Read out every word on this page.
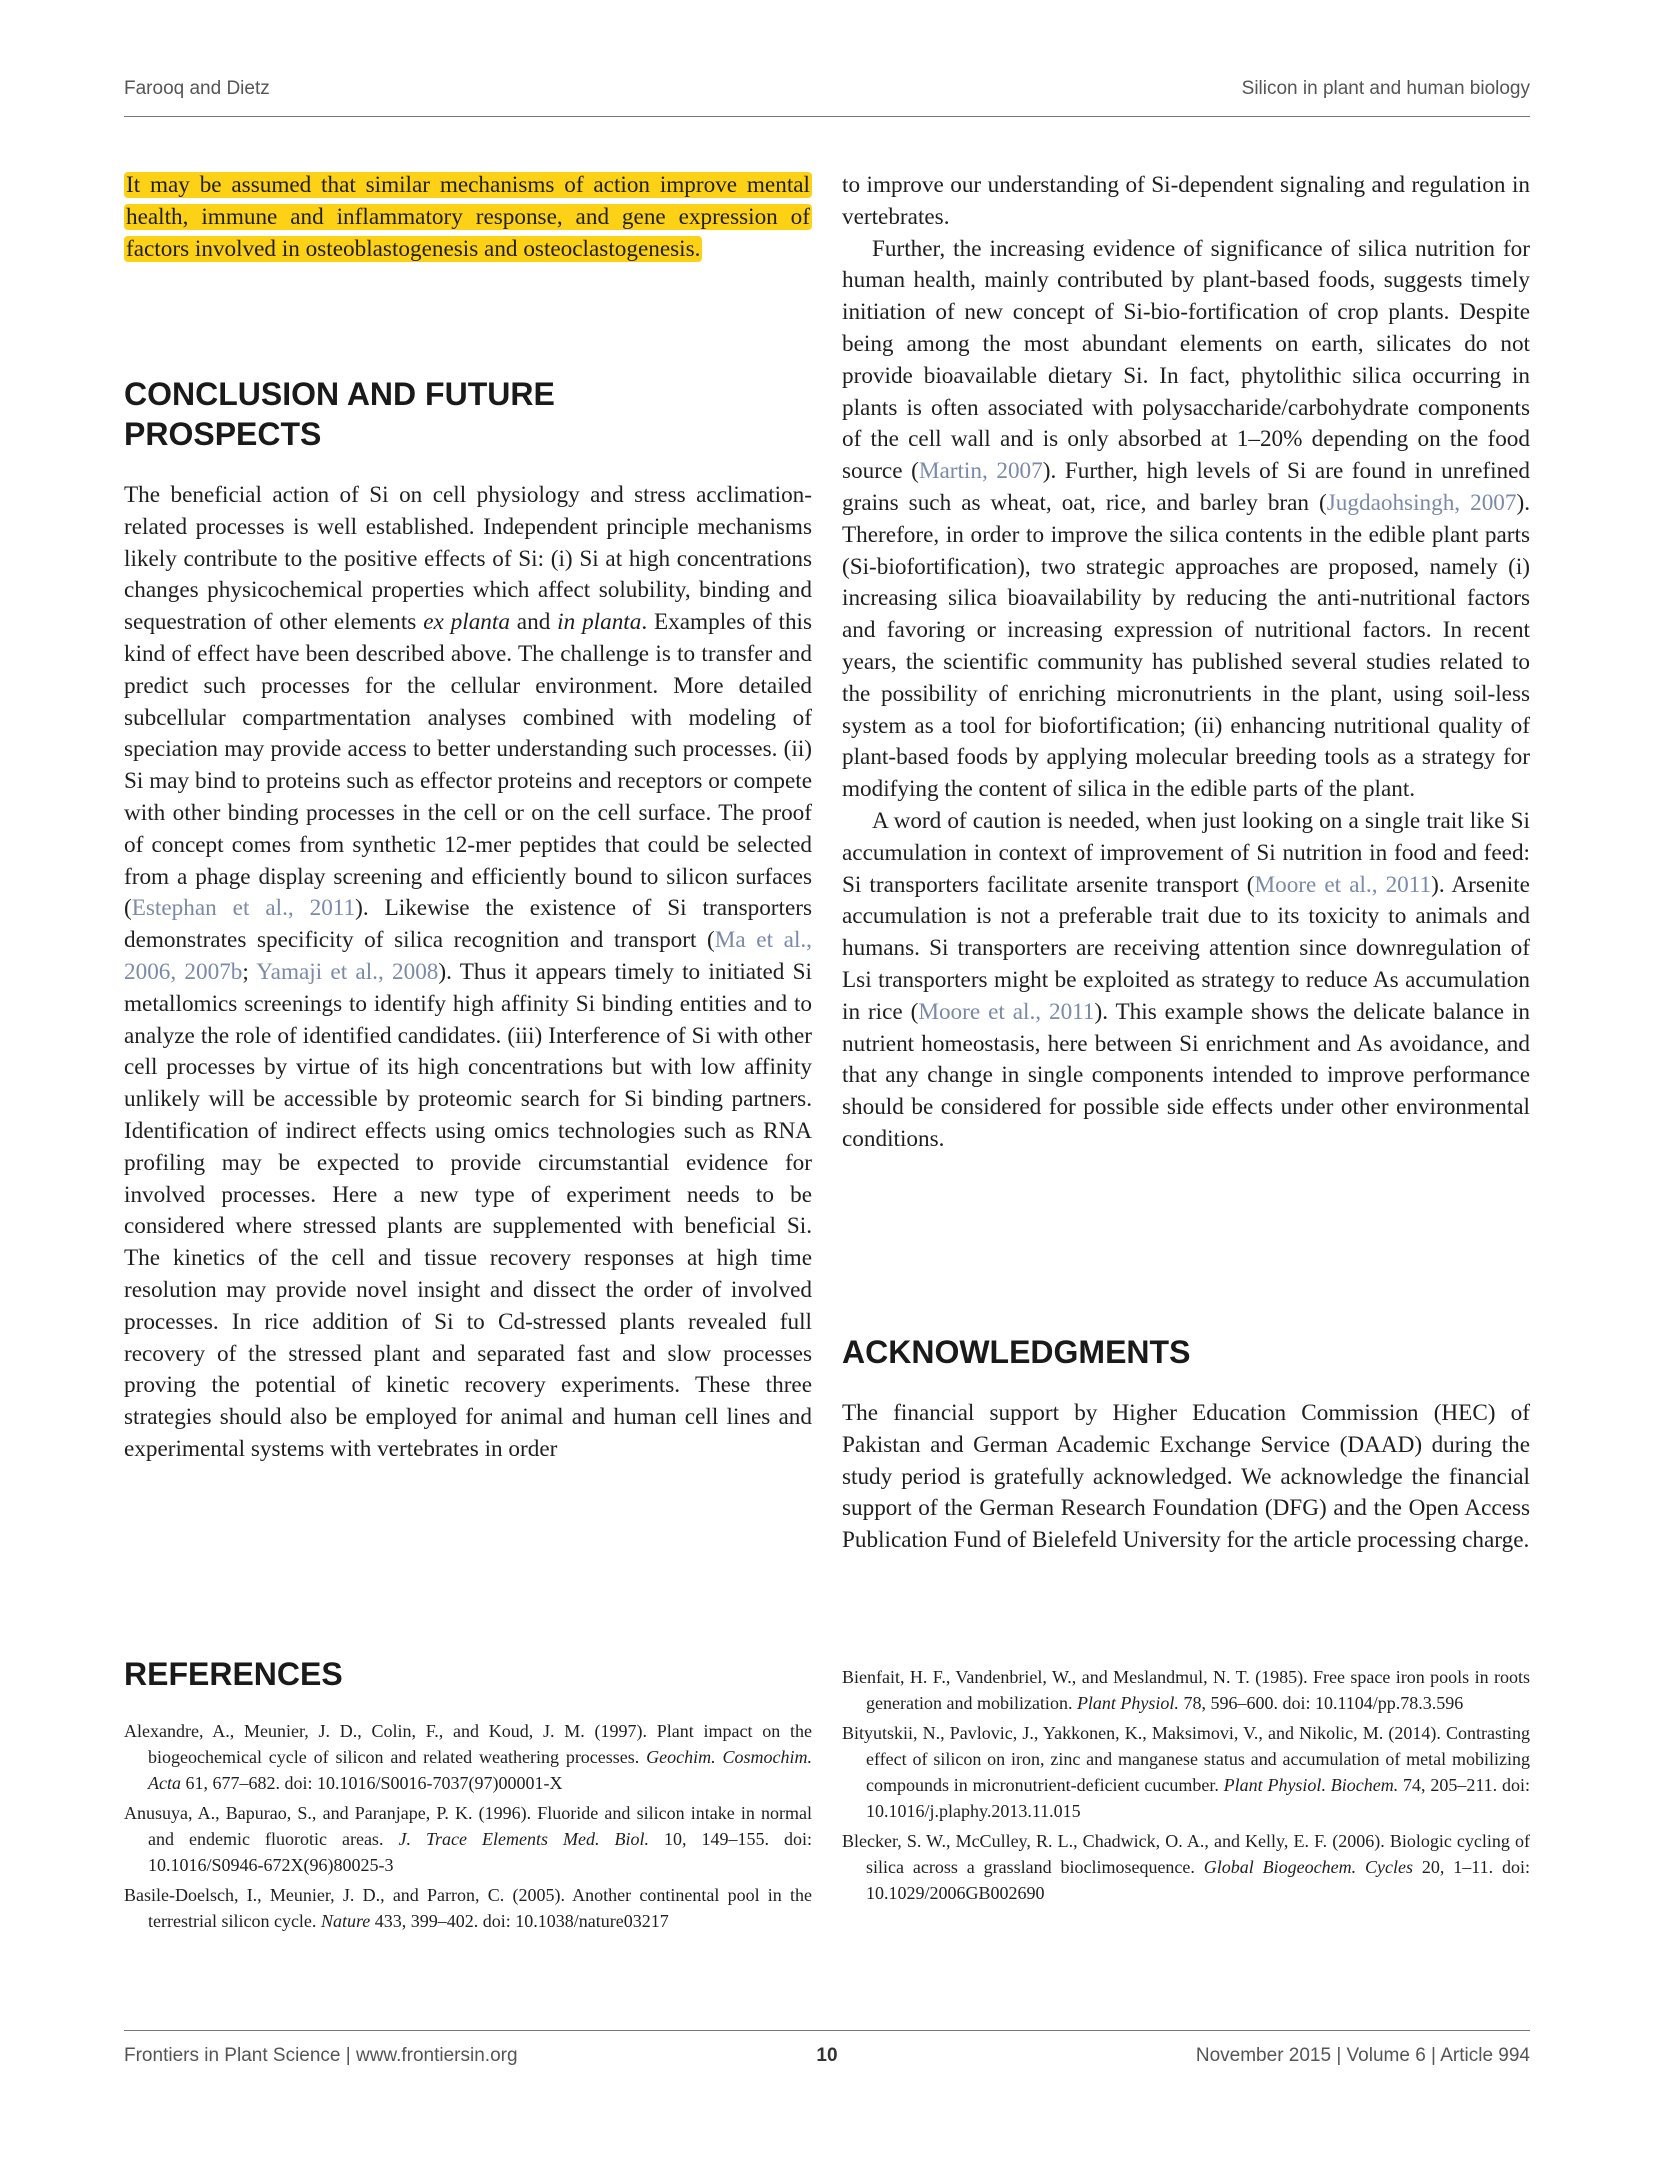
Farooq and Dietz	Silicon in plant and human biology

It may be assumed that similar mechanisms of action improve mental health, immune and inflammatory response, and gene expression of factors involved in osteoblastogenesis and osteoclastogenesis.

CONCLUSION AND FUTURE
PROSPECTS

The beneficial action of Si on cell physiology and stress acclimation-related processes is well established. Independent principle mechanisms likely contribute to the positive effects of Si: (i) Si at high concentrations changes physicochemical properties which affect solubility, binding and sequestration of other elements ex planta and in planta. Examples of this kind of effect have been described above. The challenge is to transfer and predict such processes for the cellular environment. More detailed subcellular compartmentation analyses combined with modeling of speciation may provide access to better understanding such processes. (ii) Si may bind to proteins such as effector proteins and receptors or compete with other binding processes in the cell or on the cell surface. The proof of concept comes from synthetic 12-mer peptides that could be selected from a phage display screening and efficiently bound to silicon surfaces (Estephan et al., 2011). Likewise the existence of Si transporters demonstrates specificity of silica recognition and transport (Ma et al., 2006, 2007b; Yamaji et al., 2008). Thus it appears timely to initiated Si metallomics screenings to identify high affinity Si binding entities and to analyze the role of identified candidates. (iii) Interference of Si with other cell processes by virtue of its high concentrations but with low affinity unlikely will be accessible by proteomic search for Si binding partners. Identification of indirect effects using omics technologies such as RNA profiling may be expected to provide circumstantial evidence for involved processes. Here a new type of experiment needs to be considered where stressed plants are supplemented with beneficial Si. The kinetics of the cell and tissue recovery responses at high time resolution may provide novel insight and dissect the order of involved processes. In rice addition of Si to Cd-stressed plants revealed full recovery of the stressed plant and separated fast and slow processes proving the potential of kinetic recovery experiments. These three strategies should also be employed for animal and human cell lines and experimental systems with vertebrates in order

to improve our understanding of Si-dependent signaling and regulation in vertebrates.

Further, the increasing evidence of significance of silica nutrition for human health, mainly contributed by plant-based foods, suggests timely initiation of new concept of Si-bio-fortification of crop plants. Despite being among the most abundant elements on earth, silicates do not provide bioavailable dietary Si. In fact, phytolithic silica occurring in plants is often associated with polysaccharide/carbohydrate components of the cell wall and is only absorbed at 1–20% depending on the food source (Martin, 2007). Further, high levels of Si are found in unrefined grains such as wheat, oat, rice, and barley bran (Jugdaohsingh, 2007). Therefore, in order to improve the silica contents in the edible plant parts (Si-biofortification), two strategic approaches are proposed, namely (i) increasing silica bioavailability by reducing the anti-nutritional factors and favoring or increasing expression of nutritional factors. In recent years, the scientific community has published several studies related to the possibility of enriching micronutrients in the plant, using soil-less system as a tool for biofortification; (ii) enhancing nutritional quality of plant-based foods by applying molecular breeding tools as a strategy for modifying the content of silica in the edible parts of the plant.

A word of caution is needed, when just looking on a single trait like Si accumulation in context of improvement of Si nutrition in food and feed: Si transporters facilitate arsenite transport (Moore et al., 2011). Arsenite accumulation is not a preferable trait due to its toxicity to animals and humans. Si transporters are receiving attention since downregulation of Lsi transporters might be exploited as strategy to reduce As accumulation in rice (Moore et al., 2011). This example shows the delicate balance in nutrient homeostasis, here between Si enrichment and As avoidance, and that any change in single components intended to improve performance should be considered for possible side effects under other environmental conditions.

ACKNOWLEDGMENTS

The financial support by Higher Education Commission (HEC) of Pakistan and German Academic Exchange Service (DAAD) during the study period is gratefully acknowledged. We acknowledge the financial support of the German Research Foundation (DFG) and the Open Access Publication Fund of Bielefeld University for the article processing charge.

REFERENCES
Alexandre, A., Meunier, J. D., Colin, F., and Koud, J. M. (1997). Plant impact on the biogeochemical cycle of silicon and related weathering processes. Geochim. Cosmochim. Acta 61, 677–682. doi: 10.1016/S0016-7037(97)00001-X
Anusuya, A., Bapurao, S., and Paranjape, P. K. (1996). Fluoride and silicon intake in normal and endemic fluorotic areas. J. Trace Elements Med. Biol. 10, 149–155. doi: 10.1016/S0946-672X(96)80025-3
Basile-Doelsch, I., Meunier, J. D., and Parron, C. (2005). Another continental pool in the terrestrial silicon cycle. Nature 433, 399–402. doi: 10.1038/nature03217
Bienfait, H. F., Vandenbriel, W., and Meslandmul, N. T. (1985). Free space iron pools in roots generation and mobilization. Plant Physiol. 78, 596–600. doi: 10.1104/pp.78.3.596
Bityutskii, N., Pavlovic, J., Yakkonen, K., Maksimovi, V., and Nikolic, M. (2014). Contrasting effect of silicon on iron, zinc and manganese status and accumulation of metal mobilizing compounds in micronutrient-deficient cucumber. Plant Physiol. Biochem. 74, 205–211. doi: 10.1016/j.plaphy.2013.11.015
Blecker, S. W., McCulley, R. L., Chadwick, O. A., and Kelly, E. F. (2006). Biologic cycling of silica across a grassland bioclimosequence. Global Biogeochem. Cycles 20, 1–11. doi: 10.1029/2006GB002690
Frontiers in Plant Science | www.frontiersin.org	10	November 2015 | Volume 6 | Article 994
